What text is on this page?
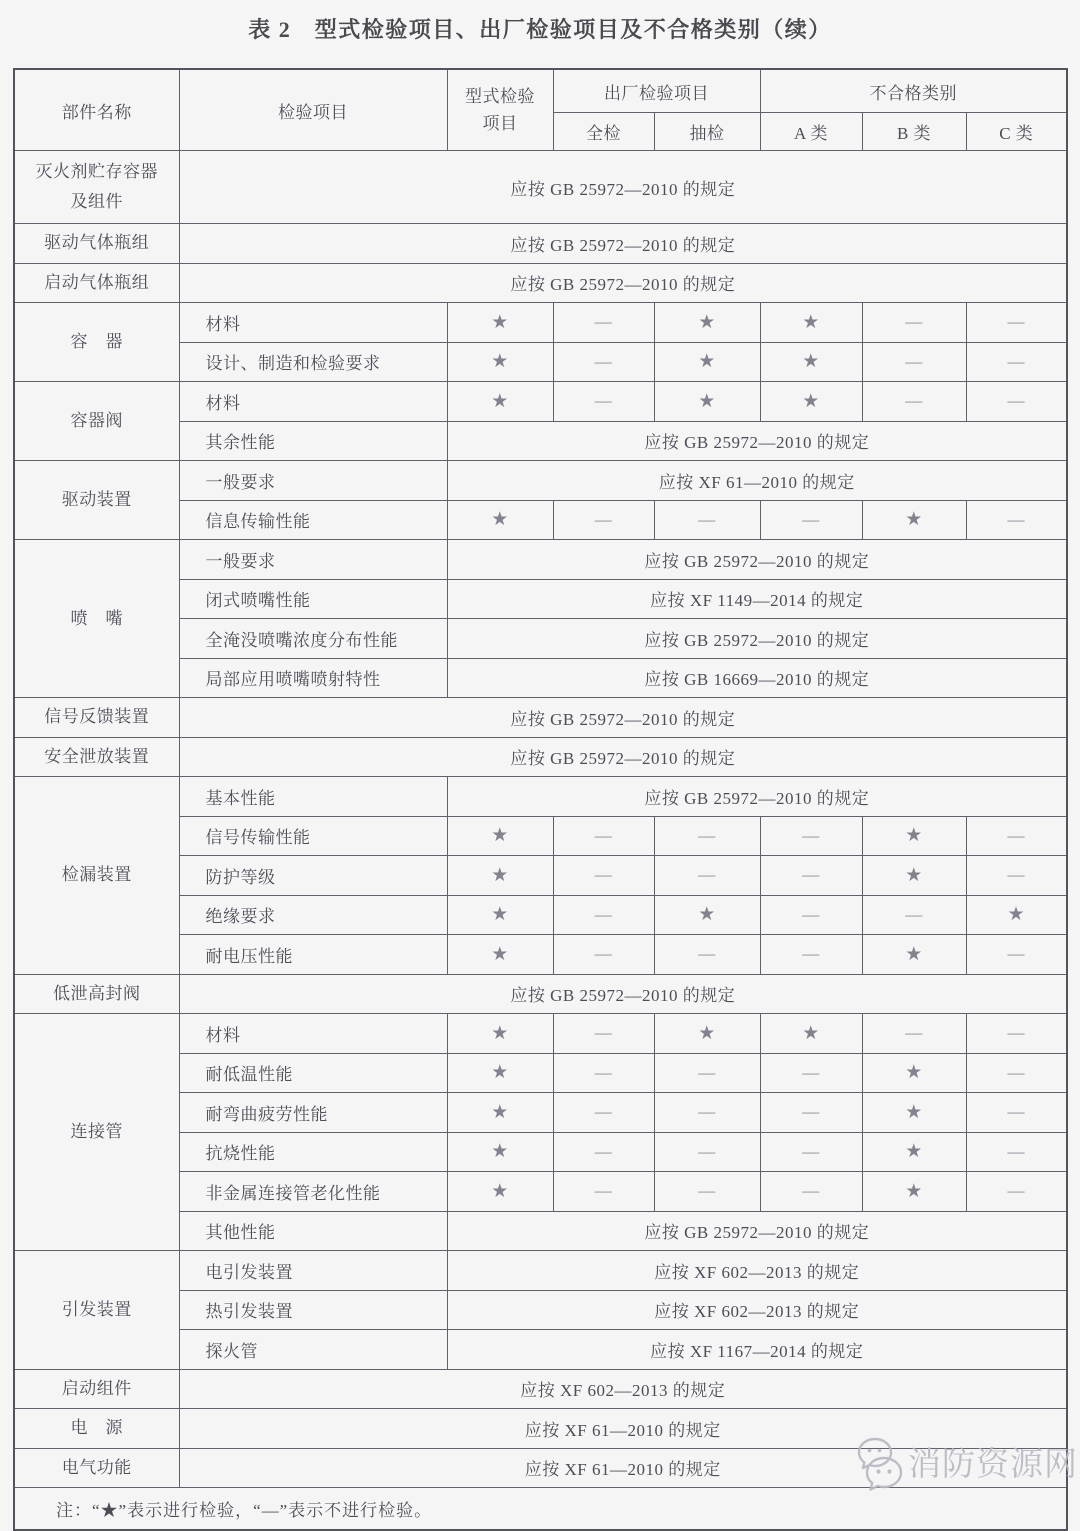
表 2　型式检验项目、出厂检验项目及不合格类别（续）
部件名称	检验项目	型式检验项目	出厂检验项目		不合格类别		
			全检	抽检	A 类	B 类	C 类
灭火剂贮存容器及组件	应按 GB 25972—2010 的规定						
驱动气体瓶组	应按 GB 25972—2010 的规定						
启动气体瓶组	应按 GB 25972—2010 的规定						
容　器	材料	★	—	★	★	—	—
	设计、制造和检验要求	★	—	★	★	—	—
容器阀	材料	★	—	★	★	—	—
	其余性能	应按 GB 25972—2010 的规定					
驱动装置	一般要求	应按 XF 61—2010 的规定					
	信息传输性能	★	—	—	—	★	—
喷　嘴	一般要求	应按 GB 25972—2010 的规定					
	闭式喷嘴性能	应按 XF 1149—2014 的规定					
	全淹没喷嘴浓度分布性能	应按 GB 25972—2010 的规定					
	局部应用喷嘴喷射特性	应按 GB 16669—2010 的规定					
信号反馈装置	应按 GB 25972—2010 的规定						
安全泄放装置	应按 GB 25972—2010 的规定						
检漏装置	基本性能	应按 GB 25972—2010 的规定					
	信号传输性能	★	—	—	—	★	—
	防护等级	★	—	—	—	★	—
	绝缘要求	★	—	★	—	—	★
	耐电压性能	★	—	—	—	★	—
低泄高封阀	应按 GB 25972—2010 的规定						
连接管	材料	★	—	★	★	—	—
	耐低温性能	★	—	—	—	★	—
	耐弯曲疲劳性能	★	—	—	—	★	—
	抗烧性能	★	—	—	—	★	—
	非金属连接管老化性能	★	—	—	—	★	—
	其他性能	应按 GB 25972—2010 的规定					
引发装置	电引发装置	应按 XF 602—2013 的规定					
	热引发装置	应按 XF 602—2013 的规定					
	探火管	应按 XF 1167—2014 的规定					
启动组件	应按 XF 602—2013 的规定						
电　源	应按 XF 61—2010 的规定						
电气功能	应按 XF 61—2010 的规定						
注：“★”表示进行检验，“—”表示不进行检验。							
消防资源网
